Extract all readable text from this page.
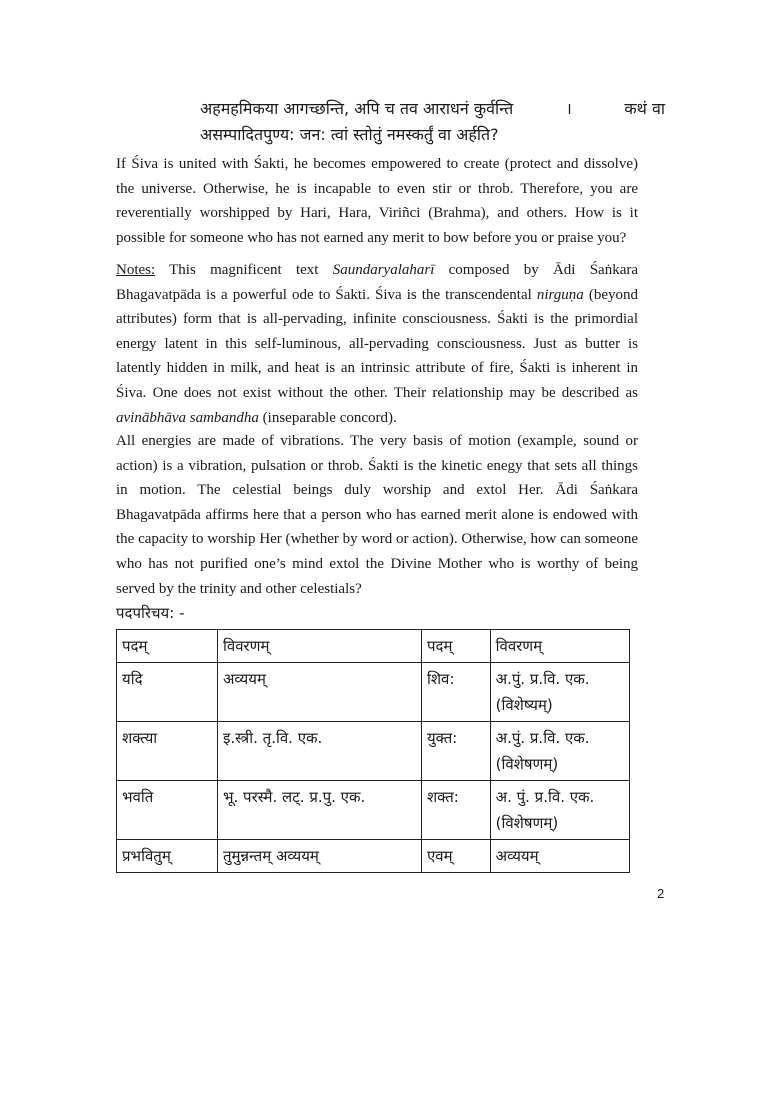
अहमहमिकया आगच्छन्ति, अपि च तव आराधनं कुर्वन्ति	।	कथं वा
असम्पादितपुण्य: जन: त्वां स्तोतुं नमस्कर्तुं वा अर्हति?

If Śiva is united with Śakti, he becomes empowered to create (protect and dissolve) the universe. Otherwise, he is incapable to even stir or throb. Therefore, you are reverentially worshipped by Hari, Hara, Viriñci (Brahma), and others. How is it possible for someone who has not earned any merit to bow before you or praise you?

Notes: This magnificent text Saundaryalaharī composed by Ādi Śaṅkara Bhagavatpāda is a powerful ode to Śakti. Śiva is the transcendental nirguṇa (beyond attributes) form that is all-pervading, infinite consciousness. Śakti is the primordial energy latent in this self-luminous, all-pervading consciousness. Just as butter is latently hidden in milk, and heat is an intrinsic attribute of fire, Śakti is inherent in Śiva. One does not exist without the other. Their relationship may be described as avinābhāva sambandha (inseparable concord).

All energies are made of vibrations. The very basis of motion (example, sound or action) is a vibration, pulsation or throb. Śakti is the kinetic enegy that sets all things in motion. The celestial beings duly worship and extol Her. Ādi Śaṅkara Bhagavatpāda affirms here that a person who has earned merit alone is endowed with the capacity to worship Her (whether by word or action). Otherwise, how can someone who has not purified one’s mind extol the Divine Mother who is worthy of being served by the trinity and other celestials?

पदपरिचय: -
पदम्	विवरणम्	पदम्	विवरणम्
यदि	अव्ययम्	शिव:	अ.पुं. प्र.वि. एक. (विशेष्यम्)
शक्त्या	इ.स्त्री. तृ.वि. एक.	युक्त:	अ.पुं. प्र.वि. एक. (विशेषणम्)
भवति	भू. परस्मै. लट्. प्र.पु. एक.	शक्त:	अ. पुं. प्र.वि. एक. (विशेषणम्)
प्रभवितुम्	तुमुन्नन्तम् अव्ययम्	एवम्	अव्ययम्
2
